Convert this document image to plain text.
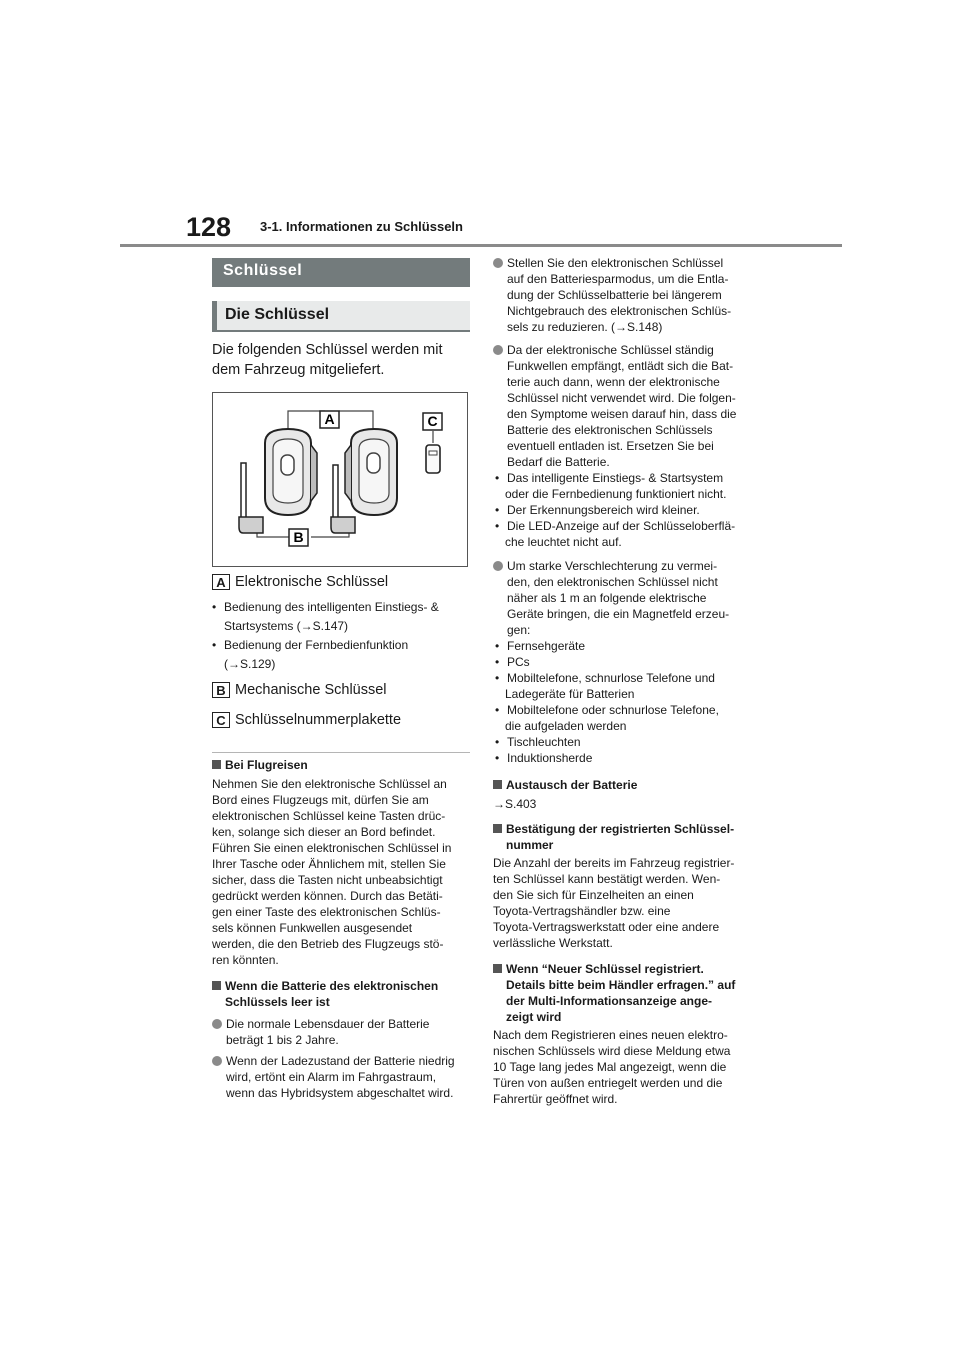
128 3-1. Informationen zu Schlüsseln
Schlüssel
Die Schlüssel
Die folgenden Schlüssel werden mit
dem Fahrzeug mitgeliefert.
A	C
B
A Elektronische Schlüssel
• Bedienung des intelligenten Einstiegs- &
Startsystems (→S.147)
• Bedienung der Fernbedienfunktion
(→S.129)
B Mechanische Schlüssel
C Schlüsselnummerplakette
Bei Flugreisen
Nehmen Sie den elektronische Schlüssel an
Bord eines Flugzeugs mit, dürfen Sie am
elektronischen Schlüssel keine Tasten drüc-
ken, solange sich dieser an Bord befindet.
Führen Sie einen elektronischen Schlüssel in
Ihrer Tasche oder Ähnlichem mit, stellen Sie
sicher, dass die Tasten nicht unbeabsichtigt
gedrückt werden können. Durch das Betäti-
gen einer Taste des elektronischen Schlüs-
sels können Funkwellen ausgesendet
werden, die den Betrieb des Flugzeugs stö-
ren könnten.
Wenn die Batterie des elektronischen
Schlüssels leer ist
Die normale Lebensdauer der Batterie
beträgt 1 bis 2 Jahre.
Wenn der Ladezustand der Batterie niedrig
wird, ertönt ein Alarm im Fahrgastraum,
wenn das Hybridsystem abgeschaltet wird.
Stellen Sie den elektronischen Schlüssel
auf den Batteriesparmodus, um die Entla-
dung der Schlüsselbatterie bei längerem
Nichtgebrauch des elektronischen Schlüs-
sels zu reduzieren. (→S.148)
Da der elektronische Schlüssel ständig
Funkwellen empfängt, entlädt sich die Bat-
terie auch dann, wenn der elektronische
Schlüssel nicht verwendet wird. Die folgen-
den Symptome weisen darauf hin, dass die
Batterie des elektronischen Schlüssels
eventuell entladen ist. Ersetzen Sie bei
Bedarf die Batterie.
• Das intelligente Einstiegs- & Startsystem
oder die Fernbedienung funktioniert nicht.
• Der Erkennungsbereich wird kleiner.
• Die LED-Anzeige auf der Schlüsseloberflä-
che leuchtet nicht auf.
Um starke Verschlechterung zu vermei-
den, den elektronischen Schlüssel nicht
näher als 1 m an folgende elektrische
Geräte bringen, die ein Magnetfeld erzeu-
gen:
• Fernsehgeräte
• PCs
• Mobiltelefone, schnurlose Telefone und
Ladegeräte für Batterien
• Mobiltelefone oder schnurlose Telefone,
die aufgeladen werden
• Tischleuchten
• Induktionsherde
Austausch der Batterie
→S.403
Bestätigung der registrierten Schlüssel-
nummer
Die Anzahl der bereits im Fahrzeug registrier-
ten Schlüssel kann bestätigt werden. Wen-
den Sie sich für Einzelheiten an einen
Toyota-Vertragshändler bzw. eine
Toyota-Vertragswerkstatt oder eine andere
verlässliche Werkstatt.
Wenn “Neuer Schlüssel registriert.
Details bitte beim Händler erfragen.” auf
der Multi-Informationsanzeige ange-
zeigt wird
Nach dem Registrieren eines neuen elektro-
nischen Schlüssels wird diese Meldung etwa
10 Tage lang jedes Mal angezeigt, wenn die
Türen von außen entriegelt werden und die
Fahrertür geöffnet wird.
